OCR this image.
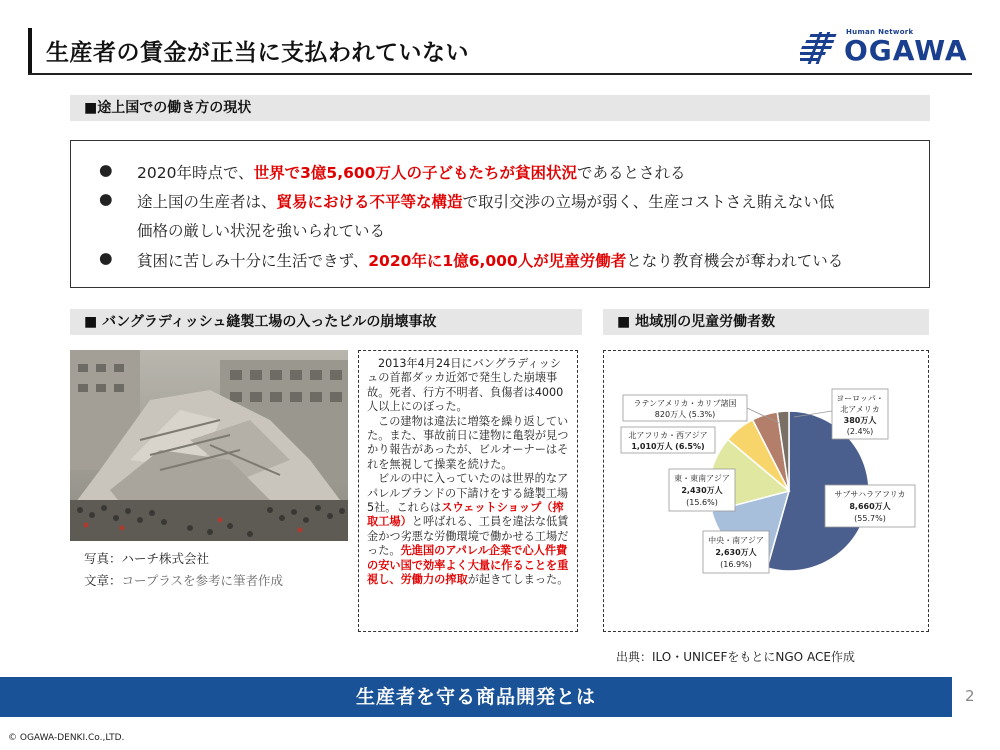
生産者の賃金が正当に支払われていない
Human Network
OGAWA
■途上国での働き方の現状
● 2020年時点で、世界で3億5,600万人の子どもたちが貧困状況であるとされる
● 途上国の生産者は、貿易における不平等な構造で取引交渉の立場が弱く、生産コストさえ賄えない低
価格の厳しい状況を強いられている
● 貧困に苦しみ十分に生活できず、2020年に1億6,000人が児童労働者となり教育機会が奪われている
■ バングラディッシュ縫製工場の入ったビルの崩壊事故
写真：ハーチ株式会社
文章：コープラスを参考に筆者作成

2013年4月24日にバングラディッシュの首都ダッカ近郊で発生した崩壊事故。死者、行方不明者、負傷者は4000人以上にのぼった。

この建物は違法に増築を繰り返していた。また、事故前日に建物に亀裂が見つかり報告があったが、ビルオーナーはそれを無視して操業を続けた。

ビルの中に入っていたのは世界的なアパレルブランドの下請けをする縫製工場5社。これらはスウェットショップ（搾取工場）と呼ばれる、工員を違法な低賃金かつ劣悪な労働環境で働かせる工場だった。先進国のアパレル企業で心人件費の安い国で効率よく大量に作ることを重視し、労働力の搾取が起きてしまった。

■ 地域別の児童労働者数
ラテンアメリカ・カリブ諸国
820万人 (5.3%)
北アフリカ・西アジア
1,010万人 (6.5%)
東・東南アジア
2,430万人
(15.6%)
中央・南アジア
2,630万人
(16.9%)
サブサハラアフリカ
8,660万人
(55.7%)
ヨーロッパ・
北アメリカ
380万人
(2.4%)
出典：ILO・UNICEFをもとにNGO ACE作成
生産者を守る商品開発とは	2
© OGAWA-DENKI.Co.,LTD.
